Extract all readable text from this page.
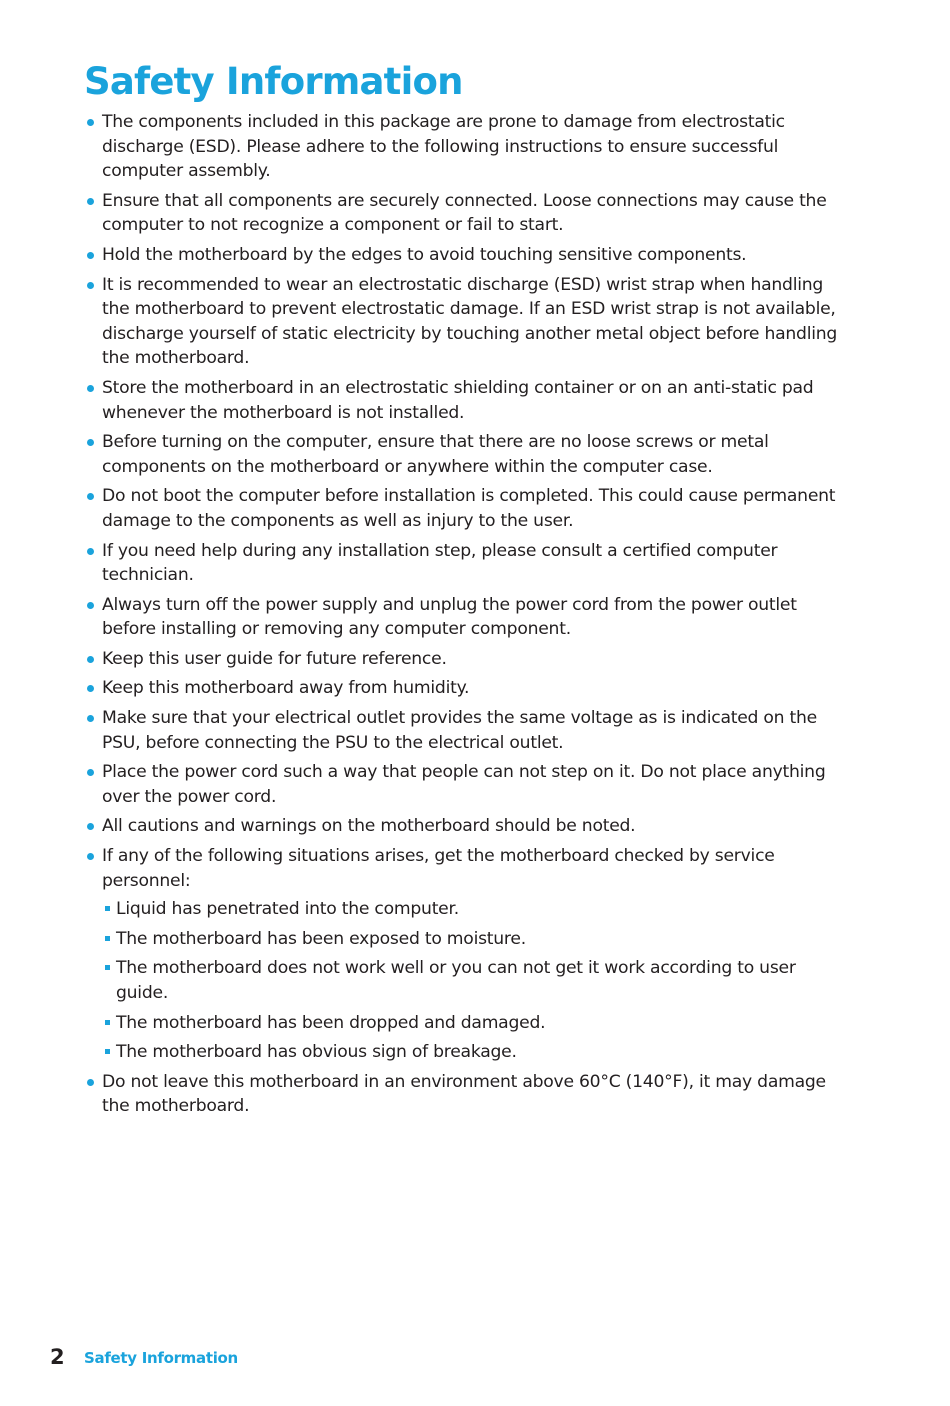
Safety Information
The components included in this package are prone to damage from electrostatic discharge (ESD). Please adhere to the following instructions to ensure successful computer assembly.
Ensure that all components are securely connected. Loose connections may cause the computer to not recognize a component or fail to start.
Hold the motherboard by the edges to avoid touching sensitive components.
It is recommended to wear an electrostatic discharge (ESD) wrist strap when handling the motherboard to prevent electrostatic damage. If an ESD wrist strap is not available, discharge yourself of static electricity by touching another metal object before handling the motherboard.
Store the motherboard in an electrostatic shielding container or on an anti-static pad whenever the motherboard is not installed.
Before turning on the computer, ensure that there are no loose screws or metal components on the motherboard or anywhere within the computer case.
Do not boot the computer before installation is completed. This could cause permanent damage to the components as well as injury to the user.
If you need help during any installation step, please consult a certified computer technician.
Always turn off the power supply and unplug the power cord from the power outlet before installing or removing any computer component.
Keep this user guide for future reference.
Keep this motherboard away from humidity.
Make sure that your electrical outlet provides the same voltage as is indicated on the PSU, before connecting the PSU to the electrical outlet.
Place the power cord such a way that people can not step on it. Do not place anything over the power cord.
All cautions and warnings on the motherboard should be noted.
If any of the following situations arises, get the motherboard checked by service personnel:
Liquid has penetrated into the computer.
The motherboard has been exposed to moisture.
The motherboard does not work well or you can not get it work according to user guide.
The motherboard has been dropped and damaged.
The motherboard has obvious sign of breakage.
Do not leave this motherboard in an environment above 60°C (140°F), it may damage the motherboard.
2 Safety Information
